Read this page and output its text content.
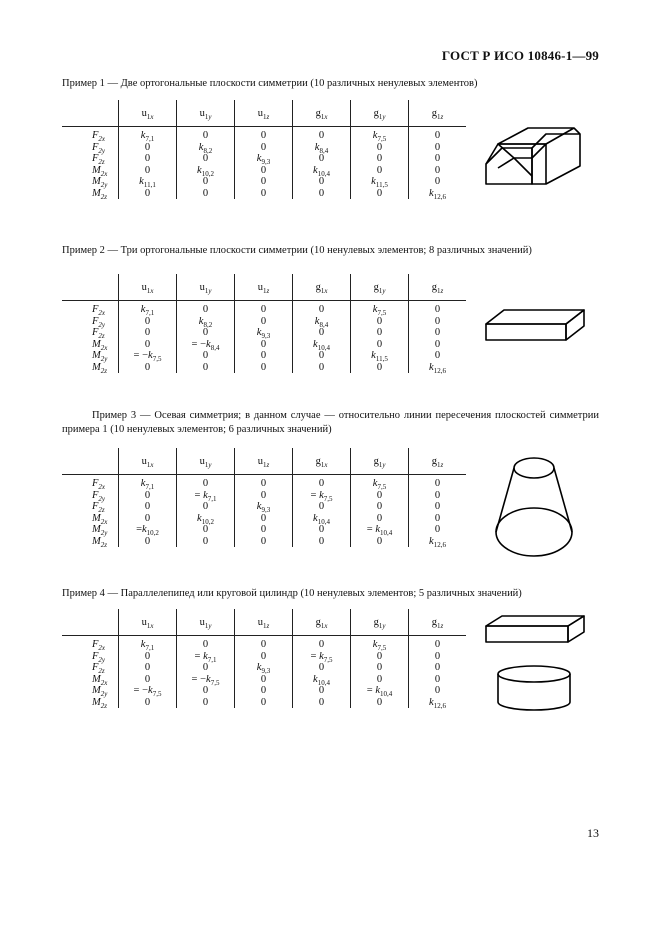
ГОСТ Р ИСО 10846-1—99
Пример 1 — Две ортогональные плоскости симметрии (10 различных ненулевых элементов)
	$u_{1x}$	$u_{1y}$	$u_{1z}$	$g_{1x}$	$g_{1y}$	$g_{1z}$
$F_{2x}$	$k_{7,1}$	0	0	0	$k_{7,5}$	0
$F_{2y}$	0	$k_{8,2}$	0	$k_{8,4}$	0	0
$F_{2z}$	0	0	$k_{9,3}$	0	0	0
$M_{2x}$	0	$k_{10,2}$	0	$k_{10,4}$	0	0
$M_{2y}$	$k_{11,1}$	0	0	0	$k_{11,5}$	0
$M_{2z}$	0	0	0	0	0	$k_{12,6}$
Пример 2 — Три ортогональные плоскости симметрии (10 ненулевых элементов; 8 различных значений)
	$u_{1x}$	$u_{1y}$	$u_{1z}$	$g_{1x}$	$g_{1y}$	$g_{1z}$
$F_{2x}$	$k_{7,1}$	0	0	0	$k_{7,5}$	0
$F_{2y}$	0	$k_{8,2}$	0	$k_{8,4}$	0	0
$F_{2z}$	0	0	$k_{9,3}$	0	0	0
$M_{2x}$	0	= $-k_{8,4}$	0	$k_{10,4}$	0	0
$M_{2y}$	= $-k_{7,5}$	0	0	0	$k_{11,5}$	0
$M_{2z}$	0	0	0	0	0	$k_{12,6}$
Пример 3 — Осевая симметрия; в данном случае — относительно линии пересечения плоскостей симметрии примера 1 (10 ненулевых элементов; 6 различных значений)
	$u_{1x}$	$u_{1y}$	$u_{1z}$	$g_{1x}$	$g_{1y}$	$g_{1z}$
$F_{2x}$	$k_{7,1}$	0	0	0	$k_{7,5}$	0
$F_{2y}$	0	= $k_{7,1}$	0	= $k_{7,5}$	0	0
$F_{2z}$	0	0	$k_{9,3}$	0	0	0
$M_{2x}$	0	$k_{10,2}$	0	$k_{10,4}$	0	0
$M_{2y}$	$=k_{10,2}$	0	0	0	= $k_{10,4}$	0
$M_{2z}$	0	0	0	0	0	$k_{12,6}$
Пример 4 — Параллелепипед или круговой цилиндр (10 ненулевых элементов; 5 различных значений)
	$u_{1x}$	$u_{1y}$	$u_{1z}$	$g_{1x}$	$g_{1y}$	$g_{1z}$
$F_{2x}$	$k_{7,1}$	0	0	0	$k_{7,5}$	0
$F_{2y}$	0	= $k_{7,1}$	0	= $k_{7,5}$	0	0
$F_{2z}$	0	0	$k_{9,3}$	0	0	0
$M_{2x}$	0	= $-k_{7,5}$	0	$k_{10,4}$	0	0
$M_{2y}$	= $-k_{7,5}$	0	0	0	= $k_{10,4}$	0
$M_{2z}$	0	0	0	0	0	$k_{12,6}$
13
